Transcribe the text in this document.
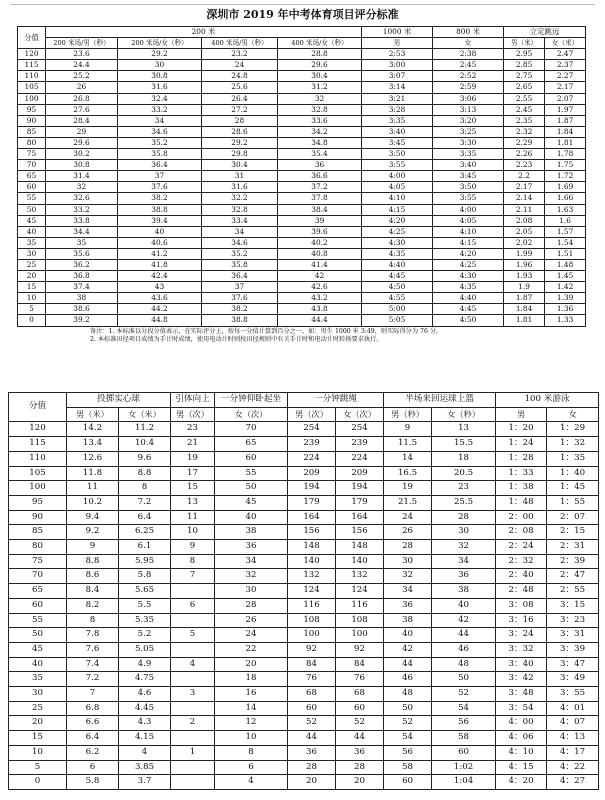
深圳市 2019 年中考体育项目评分标准
分值	200 米				1000 米	800 米	立定跳远	
	200 米场/男（秒）	200 米场/女（秒）	400 米场/男（秒）	400 米场/女（秒）	男	女	男（米）	女（米）
120	23.6	29.2	23.2	28.8	2:53	2:38	2.95	2.47
115	24.4	30	24	29.6	3:00	2:45	2.85	2.37
110	25.2	30.8	24.8	30.4	3:07	2:52	2.75	2.27
105	26	31.6	25.6	31.2	3:14	2:59	2.65	2.17
100	26.8	32.4	26.4	32	3:21	3:06	2.55	2.07
95	27.6	33.2	27.2	32.8	3:28	3:13	2.45	1.97
90	28.4	34	28	33.6	3:35	3:20	2.35	1.87
85	29	34.6	28.6	34.2	3:40	3:25	2.32	1.84
80	29.6	35.2	29.2	34.8	3:45	3:30	2.29	1.81
75	30.2	35.8	29.8	35.4	3:50	3:35	2.26	1.78
70	30.8	36.4	30.4	36	3:55	3:40	2.23	1.75
65	31.4	37	31	36.6	4:00	3:45	2.2	1.72
60	32	37.6	31.6	37.2	4:05	3:50	2.17	1.69
55	32.6	38.2	32.2	37.8	4:10	3:55	2.14	1.66
50	33.2	38.8	32.8	38.4	4:15	4:00	2.11	1.63
45	33.8	39.4	33.4	39	4:20	4:05	2.08	1.6
40	34.4	40	34	39.6	4:25	4:10	2.05	1.57
35	35	40.6	34.6	40.2	4:30	4:15	2.02	1.54
30	35.6	41.2	35.2	40.8	4:35	4:20	1.99	1.51
25	36.2	41.8	35.8	41.4	4:40	4:25	1.96	1.48
20	36.8	42.4	36.4	42	4:45	4:30	1.93	1.45
15	37.4	43	37	42.6	4:50	4:35	1.9	1.42
10	38	43.6	37.6	43.2	4:55	4:40	1.87	1.39
5	38.6	44.2	38.2	43.8	5:00	4:45	1.84	1.36
0	39.2	44.8	38.8	44.4	5:05	4:50	1.81	1.33
备注：1. 本标准以分段分值表示，在实际评分上，按每一分值计算到百分之一，如：男生 1000 米 3:49，则实际得分为 76 分。
2. 本标准田径项目成绩为手计时成绩，使用电动计时则按田径规则中有关手计时和电动计时转换要求执行。
分值	投掷实心球		引体向上	一分钟仰卧起坐	一分钟跳绳		半场来回运球上篮		100 米游泳	
	男（米）	女（米）	男（次）	女（次）	男（次）	女（次）	男（秒）	女（秒）	男	女
120	14.2	11.2	23	70	254	254	9	13	1：20	1：29
115	13.4	10.4	21	65	239	239	11.5	15.5	1：24	1：32
110	12.6	9.6	19	60	224	224	14	18	1：28	1：35
105	11.8	8.8	17	55	209	209	16.5	20.5	1：33	1：40
100	11	8	15	50	194	194	19	23	1：38	1：45
95	10.2	7.2	13	45	179	179	21.5	25.5	1：48	1：55
90	9.4	6.4	11	40	164	164	24	28	2：00	2：07
85	9.2	6.25	10	38	156	156	26	30	2：08	2：15
80	9	6.1	9	36	148	148	28	32	2：24	2：31
75	8.8	5.95	8	34	140	140	30	34	2：32	2：39
70	8.6	5.8	7	32	132	132	32	36	2：40	2：47
65	8.4	5.65		30	124	124	34	38	2：48	2：55
60	8.2	5.5	6	28	116	116	36	40	3：08	3：15
55	8	5.35		26	108	108	38	42	3：16	3：23
50	7.8	5.2	5	24	100	100	40	44	3：24	3：31
45	7.6	5.05		22	92	92	42	46	3：32	3：39
40	7.4	4.9	4	20	84	84	44	48	3：40	3：47
35	7.2	4.75		18	76	76	46	50	3：42	3：49
30	7	4.6	3	16	68	68	48	52	3：48	3：55
25	6.8	4.45		14	60	60	50	54	3：54	4：01
20	6.6	4.3	2	12	52	52	52	56	4：00	4：07
15	6.4	4.15		10	44	44	54	58	4：06	4：13
10	6.2	4	1	8	36	36	56	60	4：10	4：17
5	6	3.85		6	28	28	58	1:02	4：15	4：22
0	5.8	3.7		4	20	20	60	1:04	4：20	4：27
